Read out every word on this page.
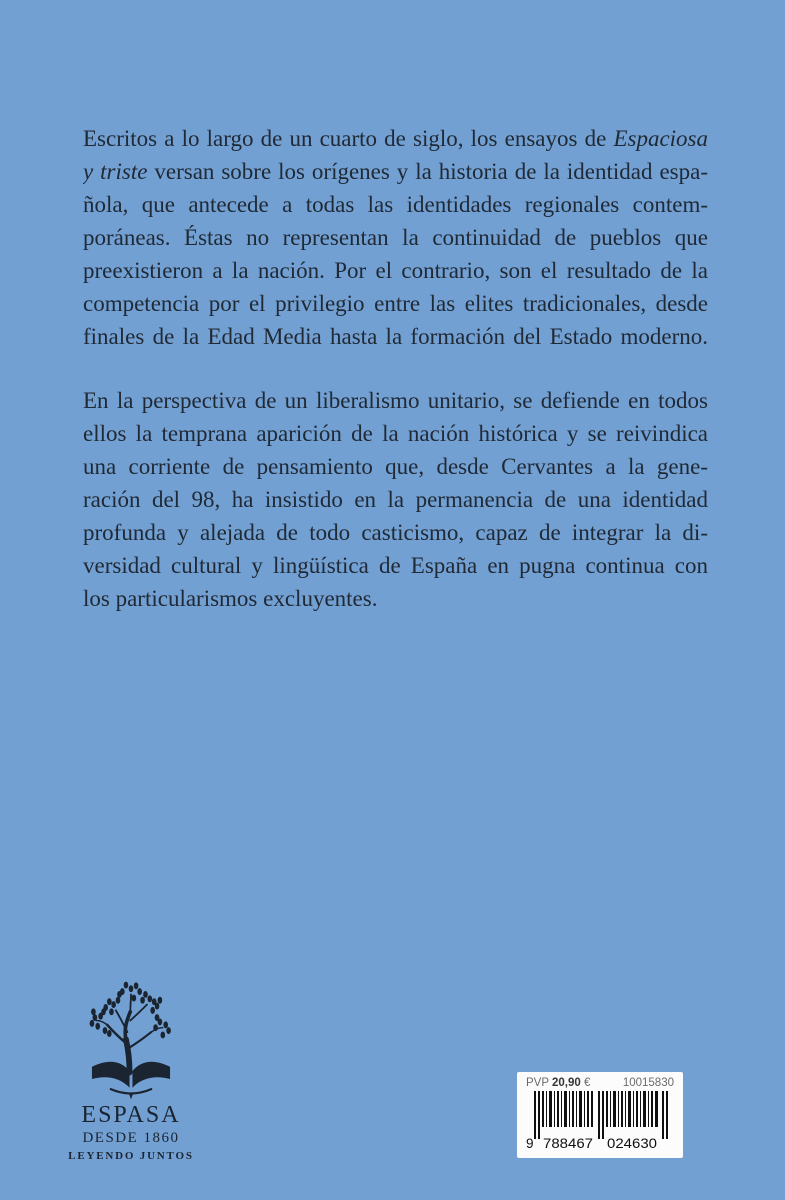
Escritos a lo largo de un cuarto de siglo, los ensayos de Espaciosa
y triste versan sobre los orígenes y la historia de la identidad espa-
ñola, que antecede a todas las identidades regionales contem-
poráneas. Éstas no representan la continuidad de pueblos que
preexistieron a la nación. Por el contrario, son el resultado de la
competencia por el privilegio entre las elites tradicionales, desde
finales de la Edad Media hasta la formación del Estado moderno.
En la perspectiva de un liberalismo unitario, se defiende en todos
ellos la temprana aparición de la nación histórica y se reivindica
una corriente de pensamiento que, desde Cervantes a la gene-
ración del 98, ha insistido en la permanencia de una identidad
profunda y alejada de todo casticismo, capaz de integrar la di-
versidad cultural y lingüística de España en pugna continua con
los particularismos excluyentes.
ESPASA
DESDE 1860
LEYENDO JUNTOS
PVP 20,90 €	10015830
9 788467 024630
